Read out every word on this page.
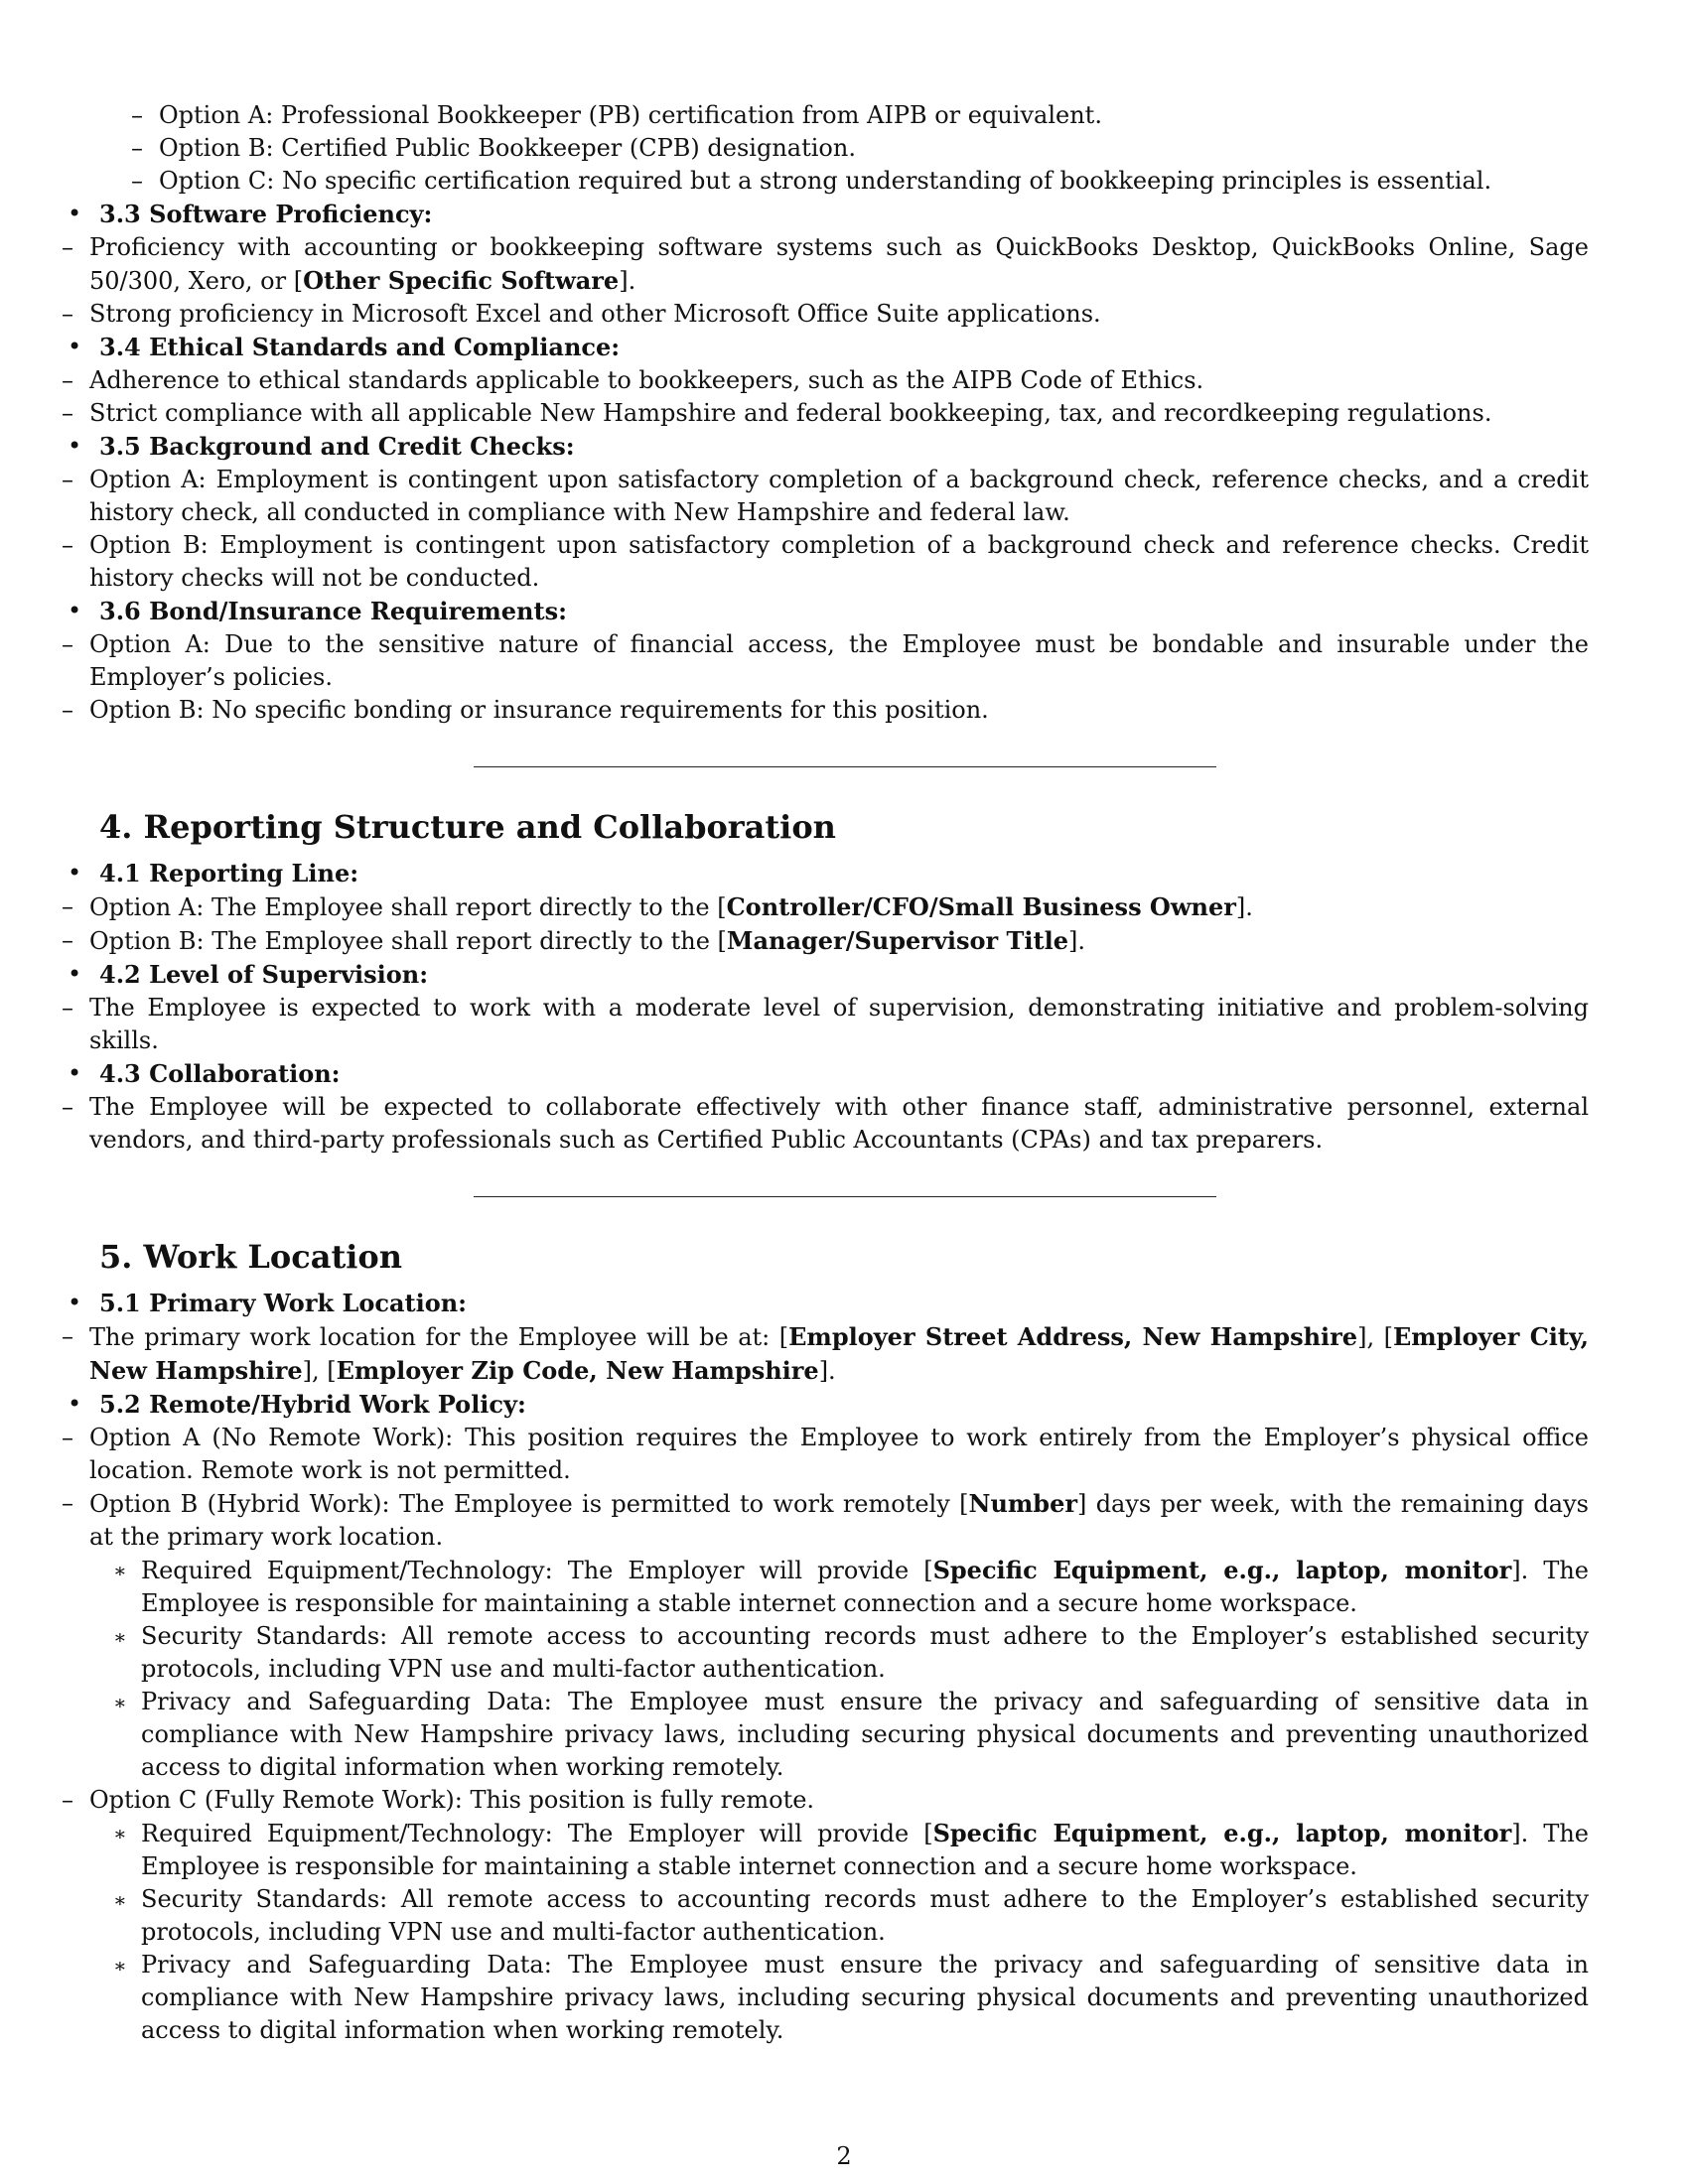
– Option A: Professional Bookkeeper (PB) certification from AIPB or equivalent.
– Option B: Certified Public Bookkeeper (CPB) designation.
– Option C: No specific certification required but a strong understanding of bookkeeping principles is essential.
• 3.3 Software Proficiency:
– Proficiency with accounting or bookkeeping software systems such as QuickBooks Desktop, QuickBooks Online, Sage 50/300, Xero, or [Other Specific Software].
– Strong proficiency in Microsoft Excel and other Microsoft Office Suite applications.
• 3.4 Ethical Standards and Compliance:
– Adherence to ethical standards applicable to bookkeepers, such as the AIPB Code of Ethics.
– Strict compliance with all applicable New Hampshire and federal bookkeeping, tax, and recordkeeping regulations.
• 3.5 Background and Credit Checks:
– Option A: Employment is contingent upon satisfactory completion of a background check, reference checks, and a credit history check, all conducted in compliance with New Hampshire and federal law.
– Option B: Employment is contingent upon satisfactory completion of a background check and reference checks. Credit history checks will not be conducted.
• 3.6 Bond/Insurance Requirements:
– Option A: Due to the sensitive nature of financial access, the Employee must be bondable and insurable under the Employer’s policies.
– Option B: No specific bonding or insurance requirements for this position.
4. Reporting Structure and Collaboration
• 4.1 Reporting Line:
– Option A: The Employee shall report directly to the [Controller/CFO/Small Business Owner].
– Option B: The Employee shall report directly to the [Manager/Supervisor Title].
• 4.2 Level of Supervision:
– The Employee is expected to work with a moderate level of supervision, demonstrating initiative and problem-solving skills.
• 4.3 Collaboration:
– The Employee will be expected to collaborate effectively with other finance staff, administrative personnel, external vendors, and third-party professionals such as Certified Public Accountants (CPAs) and tax preparers.
5. Work Location
• 5.1 Primary Work Location:
– The primary work location for the Employee will be at: [Employer Street Address, New Hampshire], [Employer City, New Hampshire], [Employer Zip Code, New Hampshire].
• 5.2 Remote/Hybrid Work Policy:
– Option A (No Remote Work): This position requires the Employee to work entirely from the Employer’s physical office location. Remote work is not permitted.
– Option B (Hybrid Work): The Employee is permitted to work remotely [Number] days per week, with the remaining days at the primary work location.
∗ Required Equipment/Technology: The Employer will provide [Specific Equipment, e.g., laptop, monitor]. The Employee is responsible for maintaining a stable internet connection and a secure home workspace.
∗ Security Standards: All remote access to accounting records must adhere to the Employer’s established security protocols, including VPN use and multi-factor authentication.
∗ Privacy and Safeguarding Data: The Employee must ensure the privacy and safeguarding of sensitive data in compliance with New Hampshire privacy laws, including securing physical documents and preventing unauthorized access to digital information when working remotely.
– Option C (Fully Remote Work): This position is fully remote.
∗ Required Equipment/Technology: The Employer will provide [Specific Equipment, e.g., laptop, monitor]. The Employee is responsible for maintaining a stable internet connection and a secure home workspace.
∗ Security Standards: All remote access to accounting records must adhere to the Employer’s established security protocols, including VPN use and multi-factor authentication.
∗ Privacy and Safeguarding Data: The Employee must ensure the privacy and safeguarding of sensitive data in compliance with New Hampshire privacy laws, including securing physical documents and preventing unauthorized access to digital information when working remotely.
2
